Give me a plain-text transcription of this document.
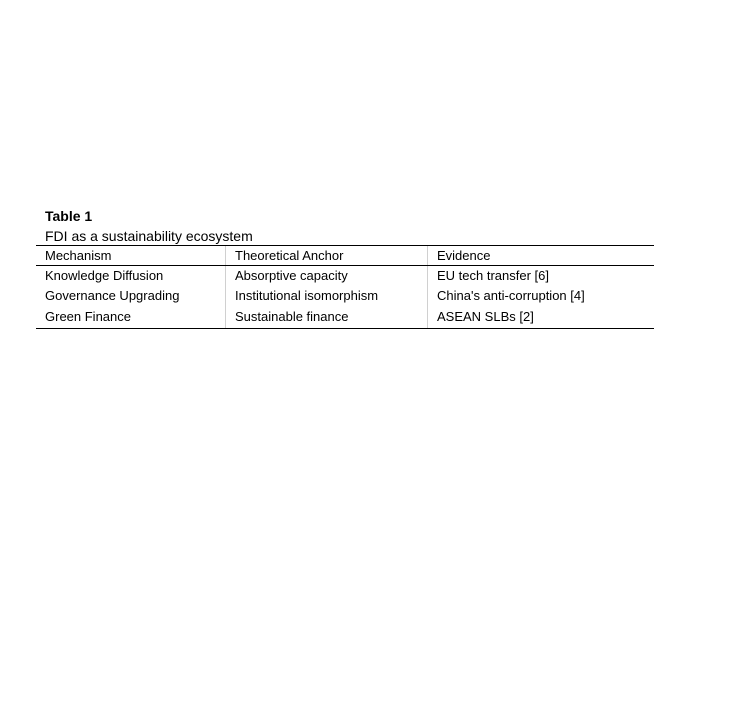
Table 1
FDI as a sustainability ecosystem
Mechanism	Theoretical Anchor	Evidence
Knowledge Diffusion	Absorptive capacity	EU tech transfer [6]
Governance Upgrading	Institutional isomorphism	China's anti-corruption [4]
Green Finance	Sustainable finance	ASEAN SLBs [2]
